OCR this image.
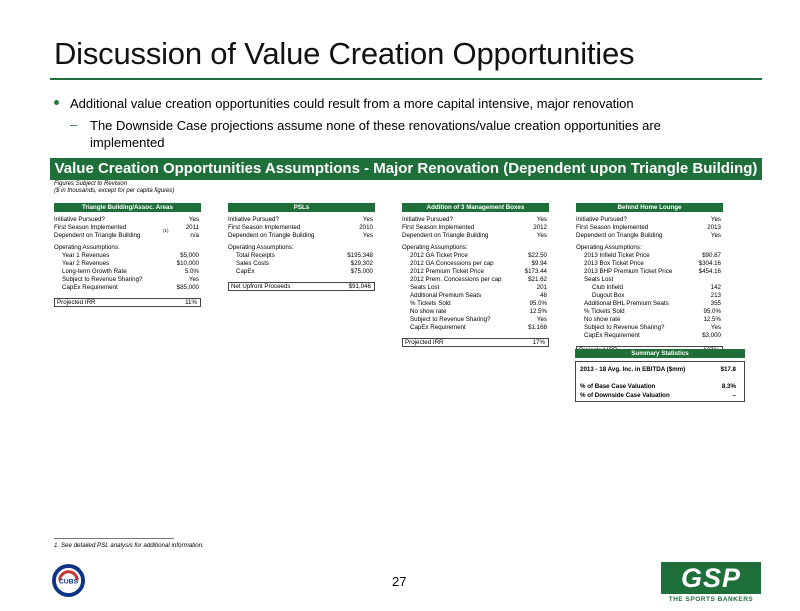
Discussion of Value Creation Opportunities
Additional value creation opportunities could result from a more capital intensive, major renovation
– The Downside Case projections assume none of these renovations/value creation opportunities are implemented
Value Creation Opportunities Assumptions - Major Renovation (Dependent upon Triangle Building)
Figures Subject to Revision
($ in thousands, except for per capita figures)
Triangle Building/Assoc. Areas
Initiative Pursued?	Yes
First Season Implemented	2011
Dependent on Triangle Building	n/a
Operating Assumptions:
Year 1 Revenues	$5,000
Year 2 Revenues	$10,000
Long-term Growth Rate	5.0%
Subject to Revenue Sharing?	Yes
CapEx Requirement	$85,000
Projected IRR	11%
PSLs
Initiative Pursued?	Yes
First Season Implemented	2010
Dependent on Triangle Building	Yes
Operating Assumptions:
Total Receipts	$195,348
Sales Costs	$29,302
CapEx	$75,000
Net Upfront Proceeds	$91,046
Addition of 3 Management Boxes
Initiative Pursued?	Yes
First Season Implemented	2012
Dependent on Triangle Building	Yes
Operating Assumptions:
2012 GA Ticket Price	$22.50
2012 GA Concessions per cap	$9.94
2012 Premium Ticket Price	$173.44
2012 Prem. Concessions per cap	$21.62
Seats Lost	201
Additional Premium Seats	48
% Tickets Sold	95.0%
No show rate	12.5%
Subject to Revenue Sharing?	Yes
CapEx Requirement	$1,168
Projected IRR	17%
Behind Home Lounge
Initiative Pursued?	Yes
First Season Implemented	2013
Dependent on Triangle Building	Yes
Operating Assumptions:
2013 Infield Ticket Price	$90.87
2013 Box Ticket Price	$304.16
2013 BHP Premium Ticket Price	$454.16
Seats Lost
Club Infield	142
Dugout Box	213
Additional BHL Premium Seats	355
% Tickets Sold	95.0%
No show rate	12.5%
Subject to Revenue Sharing?	Yes
CapEx Requirement	$3,000
(1)
Summary Statistics
2013 - 18 Avg. Inc. in EBITDA ($mm)	$17.8
% of Base Case Valuation	8.3%
% of Downside Case Valuation	–
1. See detailed PSL analysis for additional information.
CUBS	27	GSP
THE SPORTS BANKERS
